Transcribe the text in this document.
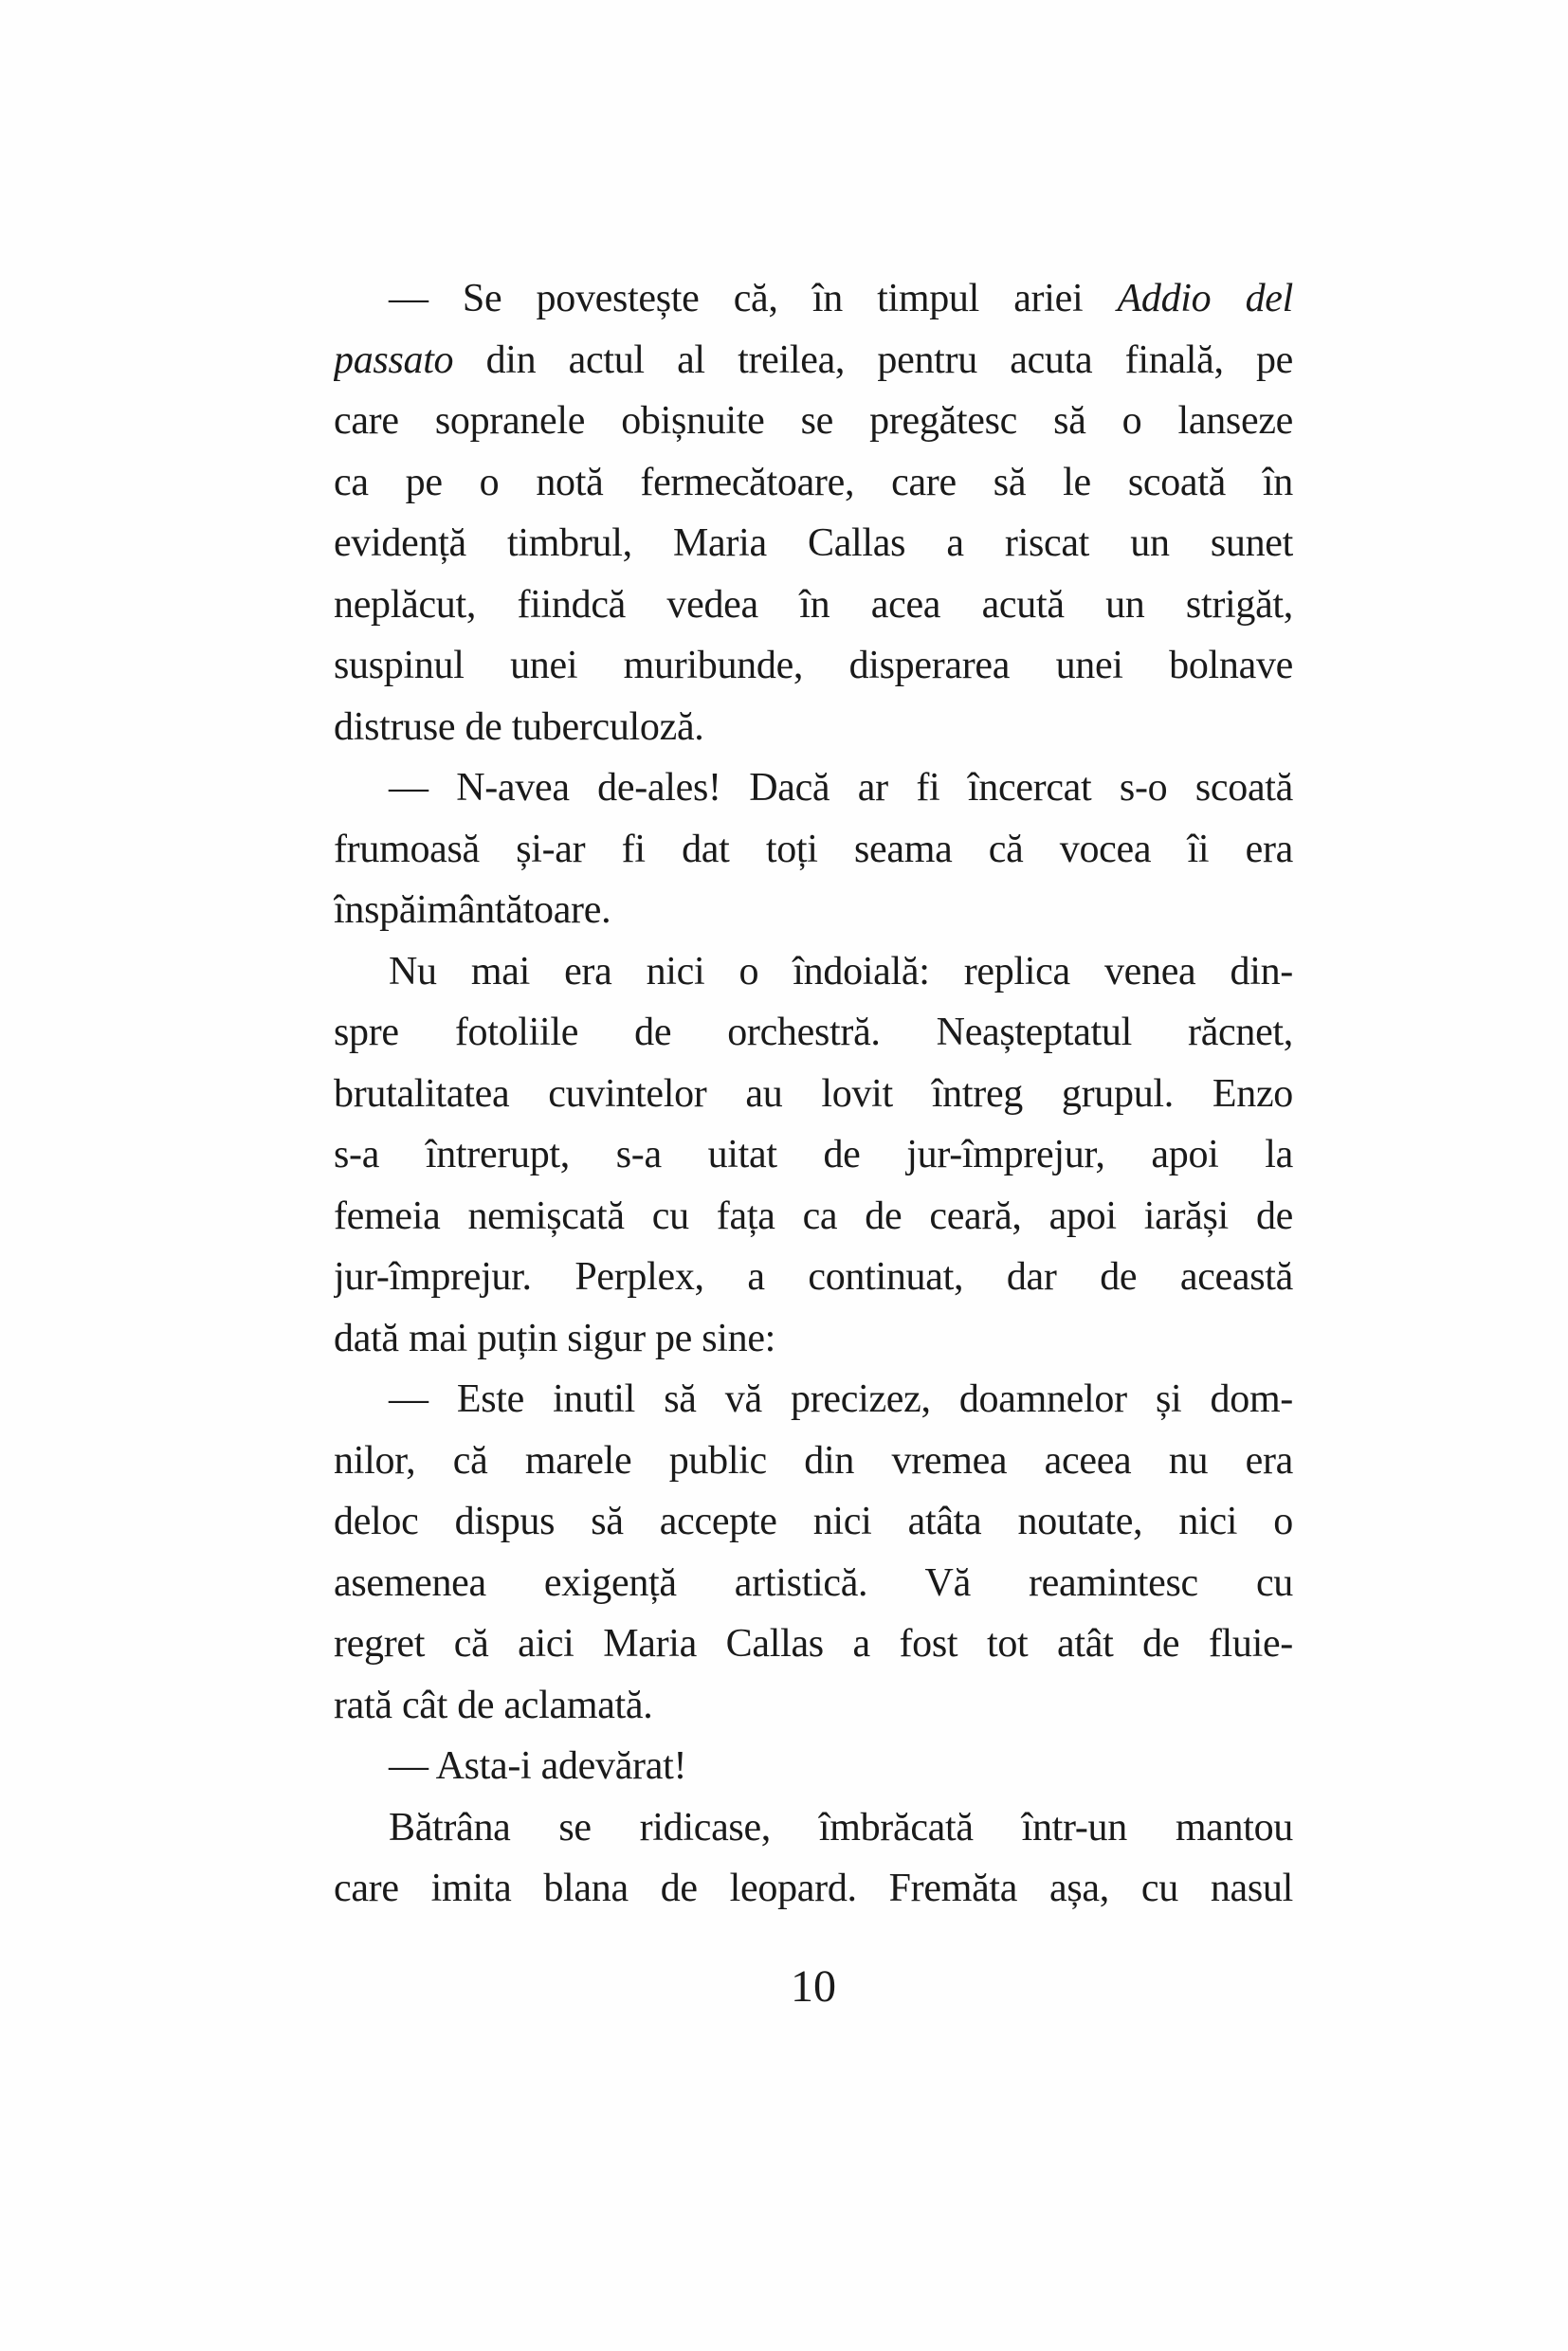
— Se povestește că, în timpul ariei Addio del
passato din actul al treilea, pentru acuta finală, pe
care sopranele obișnuite se pregătesc să o lanseze
ca pe o notă fermecătoare, care să le scoată în
evidență timbrul, Maria Callas a riscat un sunet
neplăcut, fiindcă vedea în acea acută un strigăt,
suspinul unei muribunde, disperarea unei bolnave
distruse de tuberculoză.
— N-avea de-ales! Dacă ar fi încercat s-o scoată
frumoasă și-ar fi dat toți seama că vocea îi era
înspăimântătoare.
Nu mai era nici o îndoială: replica venea din-
spre fotoliile de orchestră. Neașteptatul răcnet,
brutalitatea cuvintelor au lovit întreg grupul. Enzo
s-a întrerupt, s-a uitat de jur-împrejur, apoi la
femeia nemișcată cu fața ca de ceară, apoi iarăși de
jur-împrejur. Perplex, a continuat, dar de această
dată mai puțin sigur pe sine:
— Este inutil să vă precizez, doamnelor și dom-
nilor, că marele public din vremea aceea nu era
deloc dispus să accepte nici atâta noutate, nici o
asemenea exigență artistică. Vă reamintesc cu
regret că aici Maria Callas a fost tot atât de fluie-
rată cât de aclamată.
— Asta-i adevărat!
Bătrâna se ridicase, îmbrăcată într-un mantou
care imita blana de leopard. Fremăta așa, cu nasul
10
